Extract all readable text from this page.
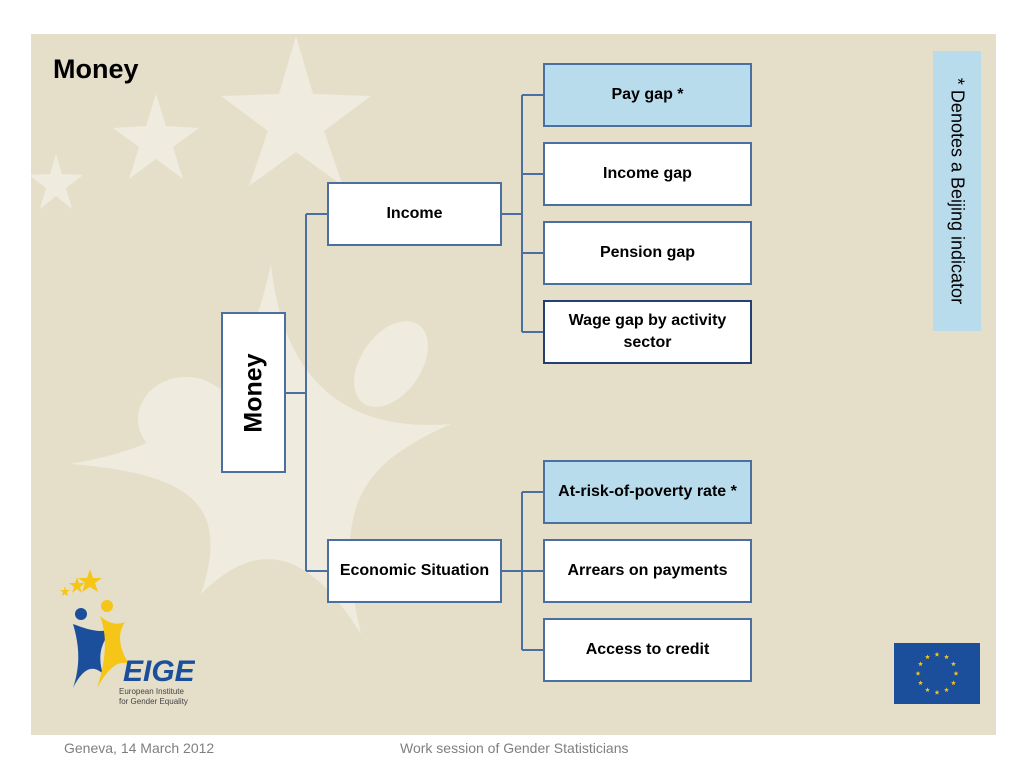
Money
Money
Income
Economic Situation
Pay gap *
Income gap
Pension gap
Wage gap by activity sector
At-risk-of-poverty rate *
Arrears on payments
Access to credit
* Denotes a Beijing indicator
EIGE
European Institute
for Gender Equality
Geneva, 14 March 2012	Work session of Gender Statisticians
